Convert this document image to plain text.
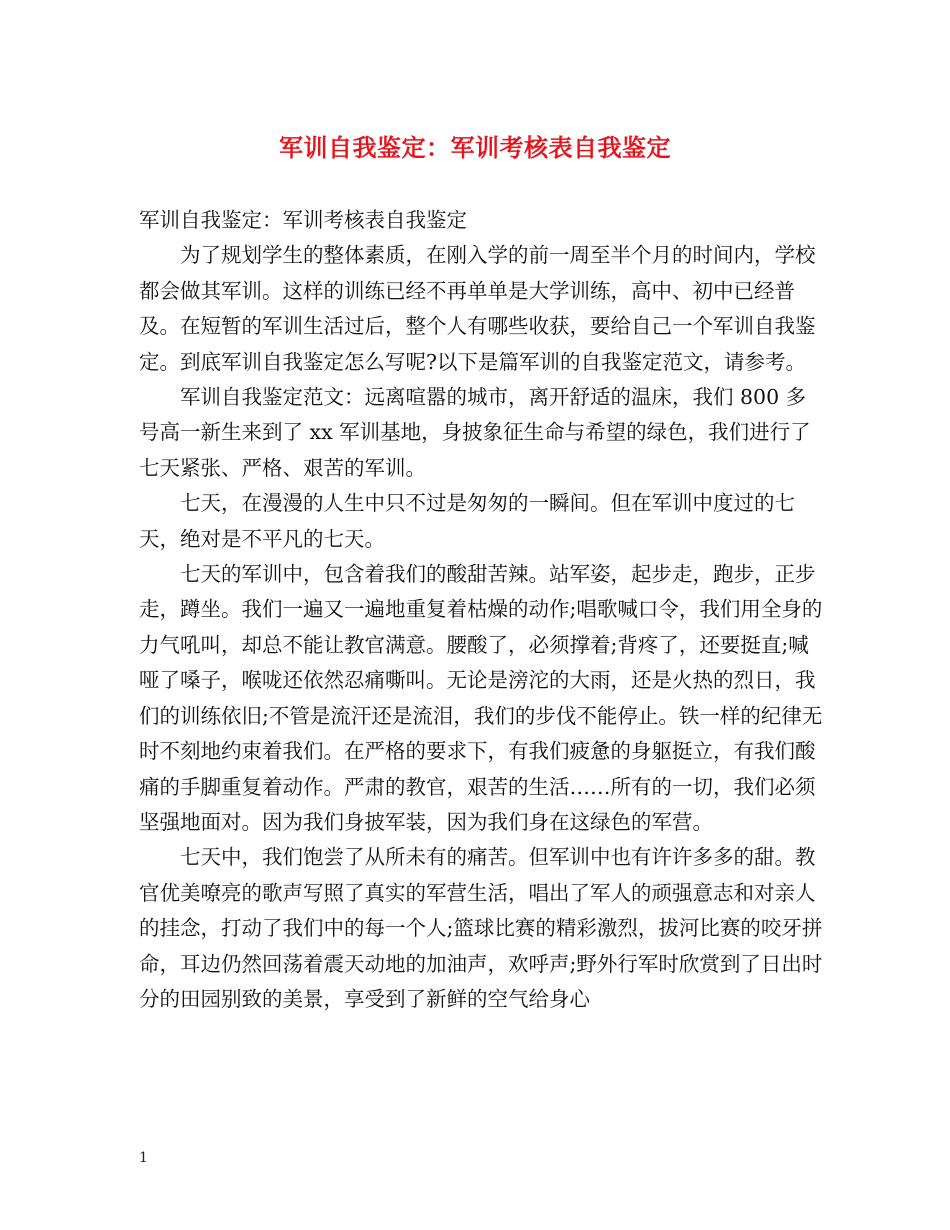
军训自我鉴定：军训考核表自我鉴定

军训自我鉴定：军训考核表自我鉴定

为了规划学生的整体素质，在刚入学的前一周至半个月的时间内，学校都会做其军训。这样的训练已经不再单单是大学训练，高中、初中已经普及。在短暂的军训生活过后，整个人有哪些收获，要给自己一个军训自我鉴定。到底军训自我鉴定怎么写呢?以下是篇军训的自我鉴定范文，请参考。

军训自我鉴定范文：远离喧嚣的城市，离开舒适的温床，我们 800 多号高一新生来到了 xx 军训基地，身披象征生命与希望的绿色，我们进行了七天紧张、严格、艰苦的军训。

七天，在漫漫的人生中只不过是匆匆的一瞬间。但在军训中度过的七天，绝对是不平凡的七天。

七天的军训中，包含着我们的酸甜苦辣。站军姿，起步走，跑步，正步走，蹲坐。我们一遍又一遍地重复着枯燥的动作;唱歌喊口令，我们用全身的力气吼叫，却总不能让教官满意。腰酸了，必须撑着;背疼了，还要挺直;喊哑了嗓子，喉咙还依然忍痛嘶叫。无论是滂沱的大雨，还是火热的烈日，我们的训练依旧;不管是流汗还是流泪，我们的步伐不能停止。铁一样的纪律无时不刻地约束着我们。在严格的要求下，有我们疲惫的身躯挺立，有我们酸痛的手脚重复着动作。严肃的教官，艰苦的生活……所有的一切，我们必须坚强地面对。因为我们身披军装，因为我们身在这绿色的军营。

七天中，我们饱尝了从所未有的痛苦。但军训中也有许许多多的甜。教官优美嘹亮的歌声写照了真实的军营生活，唱出了军人的顽强意志和对亲人的挂念，打动了我们中的每一个人;篮球比赛的精彩激烈，拔河比赛的咬牙拼命，耳边仍然回荡着震天动地的加油声，欢呼声;野外行军时欣赏到了日出时分的田园别致的美景，享受到了新鲜的空气给身心

1
